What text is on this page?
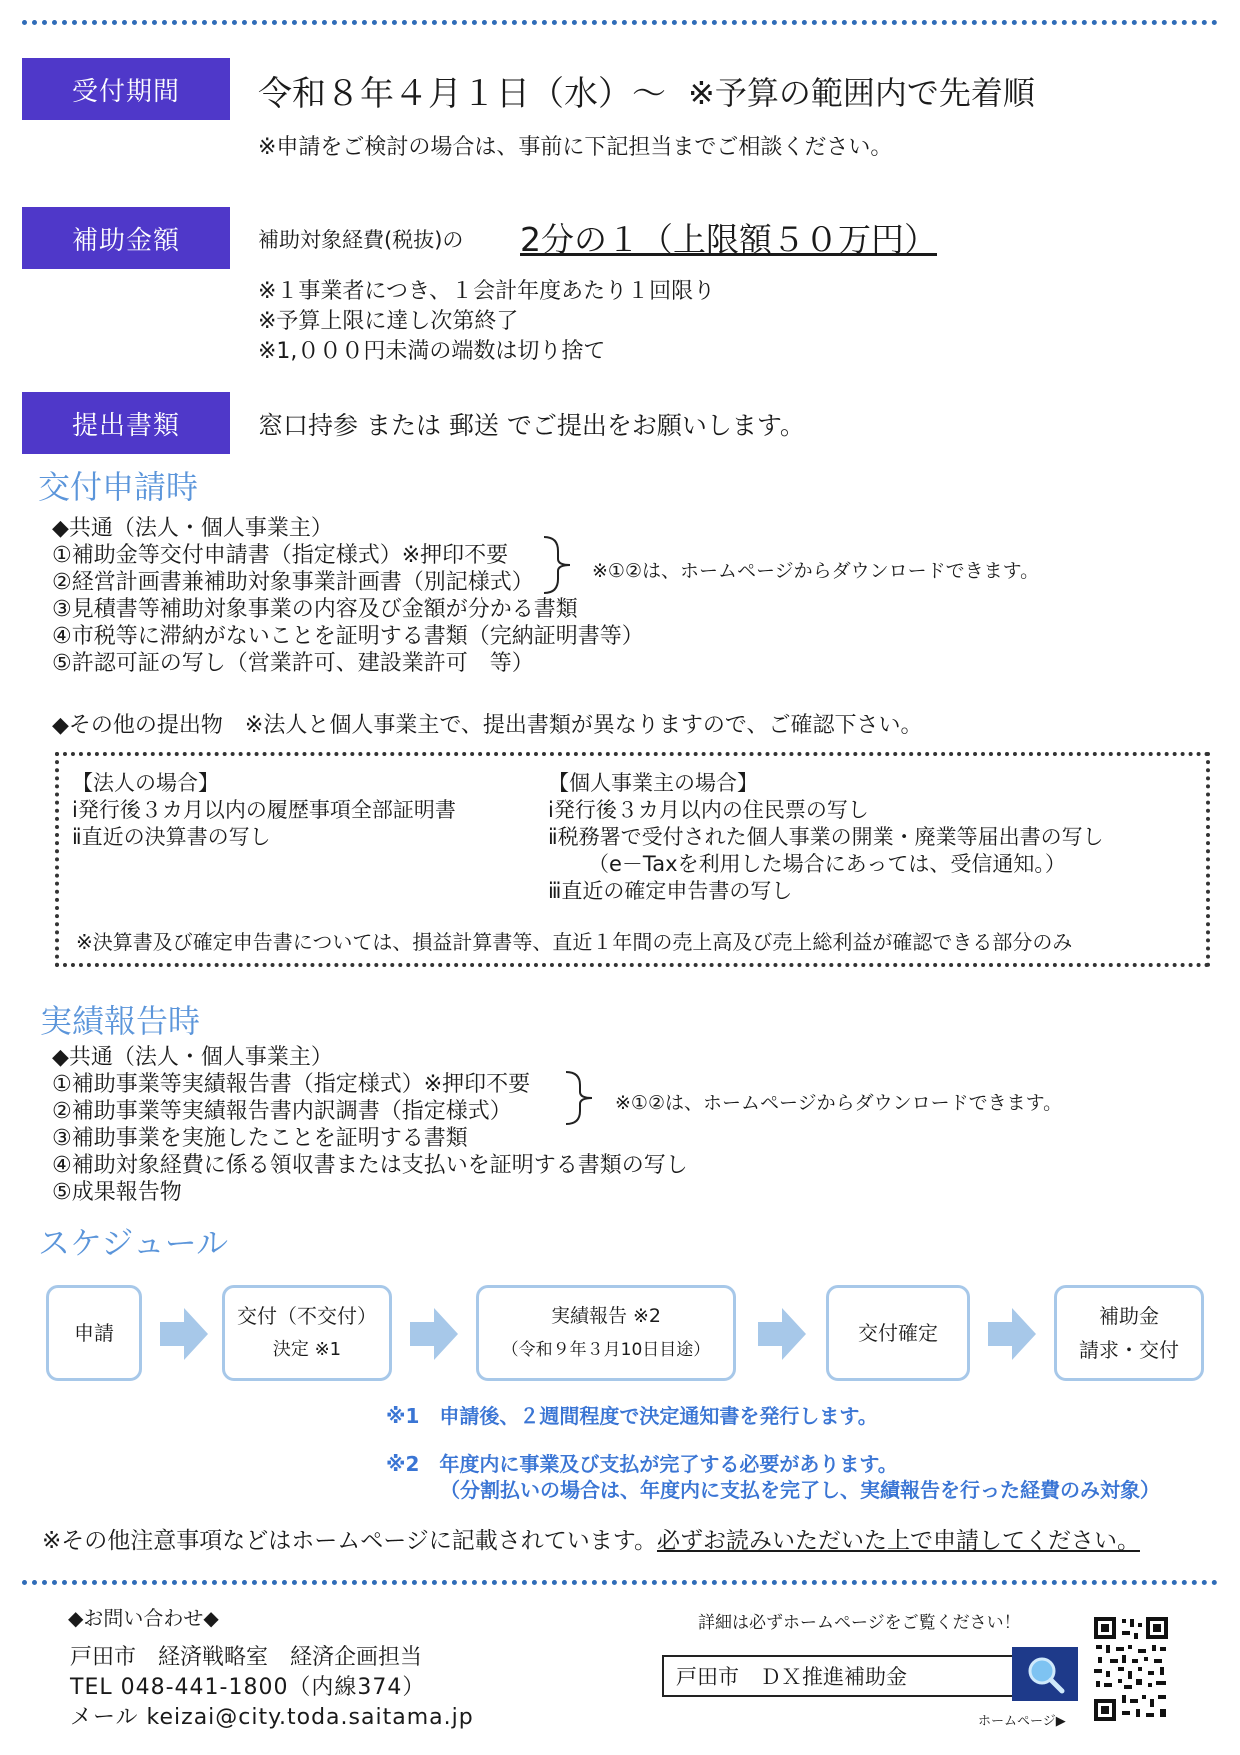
受付期間	令和８年４月１日（水）～ ※予算の範囲内で先着順
※申請をご検討の場合は、事前に下記担当までご相談ください。
補助金額	補助対象経費(税抜)の 2分の１（上限額５０万円）
※１事業者につき、１会計年度あたり１回限り
※予算上限に達し次第終了
※1,０００円未満の端数は切り捨て
提出書類	窓口持参 または 郵送 でご提出をお願いします。
交付申請時
◆共通（法人・個人事業主）
①補助金等交付申請書（指定様式）※押印不要
②経営計画書兼補助対象事業計画書（別記様式）
③見積書等補助対象事業の内容及び金額が分かる書類
④市税等に滞納がないことを証明する書類（完納証明書等）
⑤許認可証の写し（営業許可、建設業許可　等）
※①②は、ホームページからダウンロードできます。
◆その他の提出物　※法人と個人事業主で、提出書類が異なりますので、ご確認下さい。
【法人の場合】
ⅰ発行後３カ月以内の履歴事項全部証明書
ⅱ直近の決算書の写し
【個人事業主の場合】
ⅰ発行後３カ月以内の住民票の写し
ⅱ税務署で受付された個人事業の開業・廃業等届出書の写し
（e－Taxを利用した場合にあっては、受信通知。）
ⅲ直近の確定申告書の写し
※決算書及び確定申告書については、損益計算書等、直近１年間の売上高及び売上総利益が確認できる部分のみ
実績報告時
◆共通（法人・個人事業主）
①補助事業等実績報告書（指定様式）※押印不要
②補助事業等実績報告書内訳調書（指定様式）
③補助事業を実施したことを証明する書類
④補助対象経費に係る領収書または支払いを証明する書類の写し
⑤成果報告物
※①②は、ホームページからダウンロードできます。
スケジュール
申請
交付（不交付）
決定 ※1
実績報告 ※2
（令和９年３月10日目途）
交付確定
補助金
請求・交付
※1　申請後、２週間程度で決定通知書を発行します。
※2　年度内に事業及び支払が完了する必要があります。
（分割払いの場合は、年度内に支払を完了し、実績報告を行った経費のみ対象）
※その他注意事項などはホームページに記載されています。必ずお読みいただいた上で申請してください。
◆お問い合わせ◆
戸田市　経済戦略室　経済企画担当
TEL 048-441-1800（内線374）
メール keizai@city.toda.saitama.jp
詳細は必ずホームページをご覧ください！
戸田市　ＤＸ推進補助金
ホームページ▶
